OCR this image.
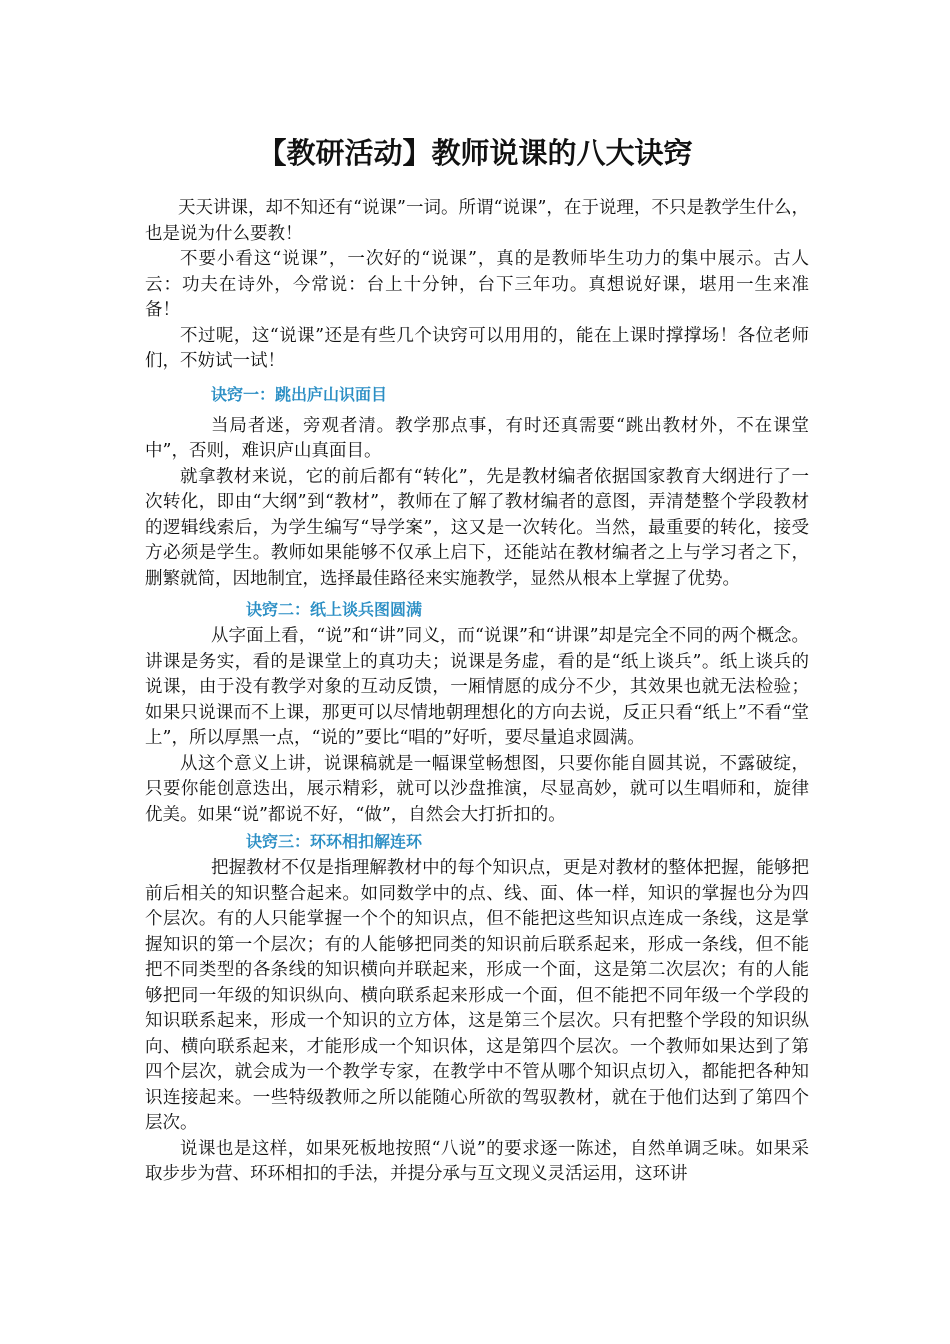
【教研活动】教师说课的八大诀窍

天天讲课，却不知还有“说课”一词。所谓“说课”，在于说理，不只是教学生什么，也是说为什么要教！

不要小看这“说课”，一次好的“说课”，真的是教师毕生功力的集中展示。古人云：功夫在诗外，今常说：台上十分钟，台下三年功。真想说好课，堪用一生来准备！

不过呢，这“说课”还是有些几个诀窍可以用用的，能在上课时撑撑场！各位老师们，不妨试一试！

诀窍一：跳出庐山识面目

当局者迷，旁观者清。教学那点事，有时还真需要“跳出教材外，不在课堂中”，否则，难识庐山真面目。

就拿教材来说，它的前后都有“转化”，先是教材编者依据国家教育大纲进行了一次转化，即由“大纲”到“教材”，教师在了解了教材编者的意图，弄清楚整个学段教材的逻辑线索后，为学生编写“导学案”，这又是一次转化。当然，最重要的转化，接受方必须是学生。教师如果能够不仅承上启下，还能站在教材编者之上与学习者之下，删繁就简，因地制宜，选择最佳路径来实施教学，显然从根本上掌握了优势。

诀窍二：纸上谈兵图圆满

从字面上看，“说”和“讲”同义，而“说课”和“讲课”却是完全不同的两个概念。讲课是务实，看的是课堂上的真功夫；说课是务虚，看的是“纸上谈兵”。纸上谈兵的说课，由于没有教学对象的互动反馈，一厢情愿的成分不少，其效果也就无法检验；如果只说课而不上课，那更可以尽情地朝理想化的方向去说，反正只看“纸上”不看“堂上”，所以厚黑一点，“说的”要比“唱的”好听，要尽量追求圆满。

从这个意义上讲，说课稿就是一幅课堂畅想图，只要你能自圆其说，不露破绽，只要你能创意迭出，展示精彩，就可以沙盘推演，尽显高妙，就可以生唱师和，旋律优美。如果“说”都说不好，“做”，自然会大打折扣的。

诀窍三：环环相扣解连环

把握教材不仅是指理解教材中的每个知识点，更是对教材的整体把握，能够把前后相关的知识整合起来。如同数学中的点、线、面、体一样，知识的掌握也分为四个层次。有的人只能掌握一个个的知识点，但不能把这些知识点连成一条线，这是掌握知识的第一个层次；有的人能够把同类的知识前后联系起来，形成一条线，但不能把不同类型的各条线的知识横向并联起来，形成一个面，这是第二次层次；有的人能够把同一年级的知识纵向、横向联系起来形成一个面，但不能把不同年级一个学段的知识联系起来，形成一个知识的立方体，这是第三个层次。只有把整个学段的知识纵向、横向联系起来，才能形成一个知识体，这是第四个层次。一个教师如果达到了第四个层次，就会成为一个教学专家，在教学中不管从哪个知识点切入，都能把各种知识连接起来。一些特级教师之所以能随心所欲的驾驭教材，就在于他们达到了第四个层次。

说课也是这样，如果死板地按照“八说”的要求逐一陈述，自然单调乏味。如果采取步步为营、环环相扣的手法，并提分承与互文现义灵活运用，这环讲
